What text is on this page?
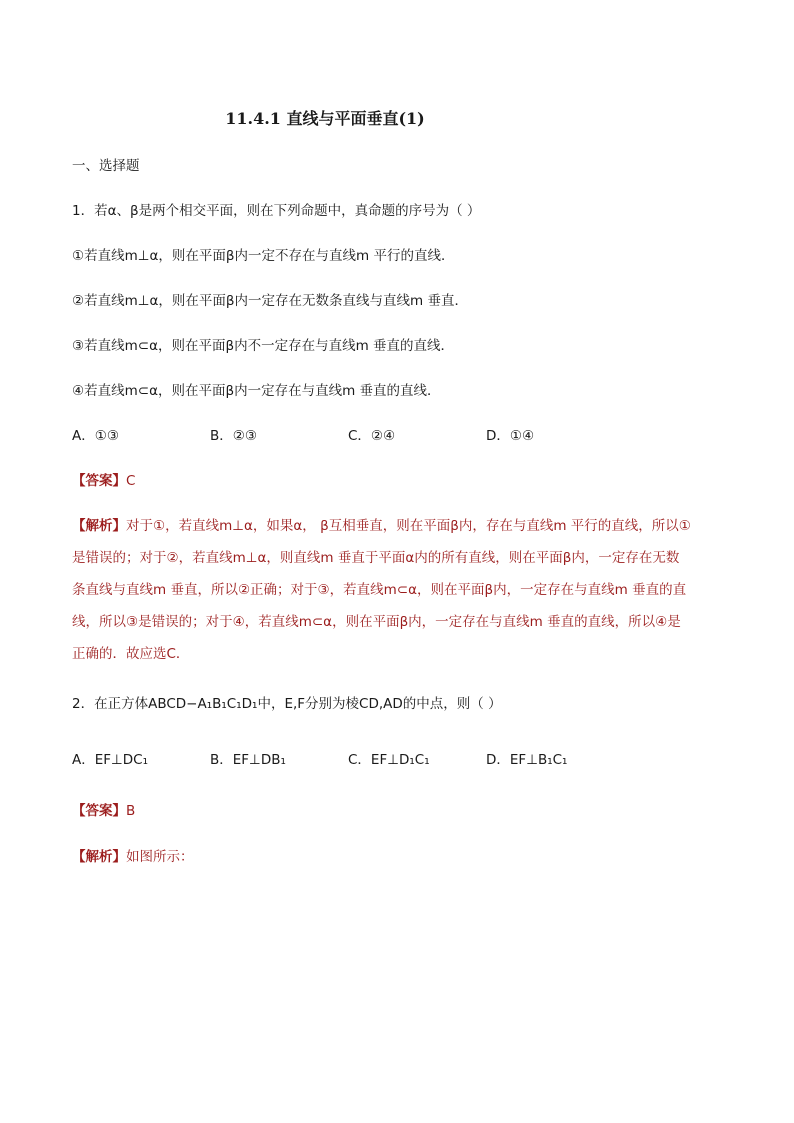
11.4.1 直线与平面垂直(1)
一、选择题
1．若α、β是两个相交平面，则在下列命题中，真命题的序号为（ ）
①若直线m⊥α，则在平面β内一定不存在与直线m 平行的直线．
②若直线m⊥α，则在平面β内一定存在无数条直线与直线m 垂直．
③若直线m⊂α，则在平面β内不一定存在与直线m 垂直的直线．
④若直线m⊂α，则在平面β内一定存在与直线m 垂直的直线．
A．①③	B．②③	C．②④	D．①④
【答案】C
【解析】对于①，若直线m⊥α，如果α， β互相垂直，则在平面β内，存在与直线m 平行的直线，所以①
是错误的；对于②，若直线m⊥α，则直线m 垂直于平面α内的所有直线，则在平面β内，一定存在无数
条直线与直线m 垂直，所以②正确；对于③，若直线m⊂α，则在平面β内，一定存在与直线m 垂直的直
线，所以③是错误的；对于④，若直线m⊂α，则在平面β内，一定存在与直线m 垂直的直线，所以④是
正确的．故应选C．
2．在正方体ABCD−A₁B₁C₁D₁中，E,F分别为棱CD,AD的中点，则（ ）
A．EF⊥DC₁	B．EF⊥DB₁	C．EF⊥D₁C₁	D．EF⊥B₁C₁
【答案】B
【解析】如图所示：
